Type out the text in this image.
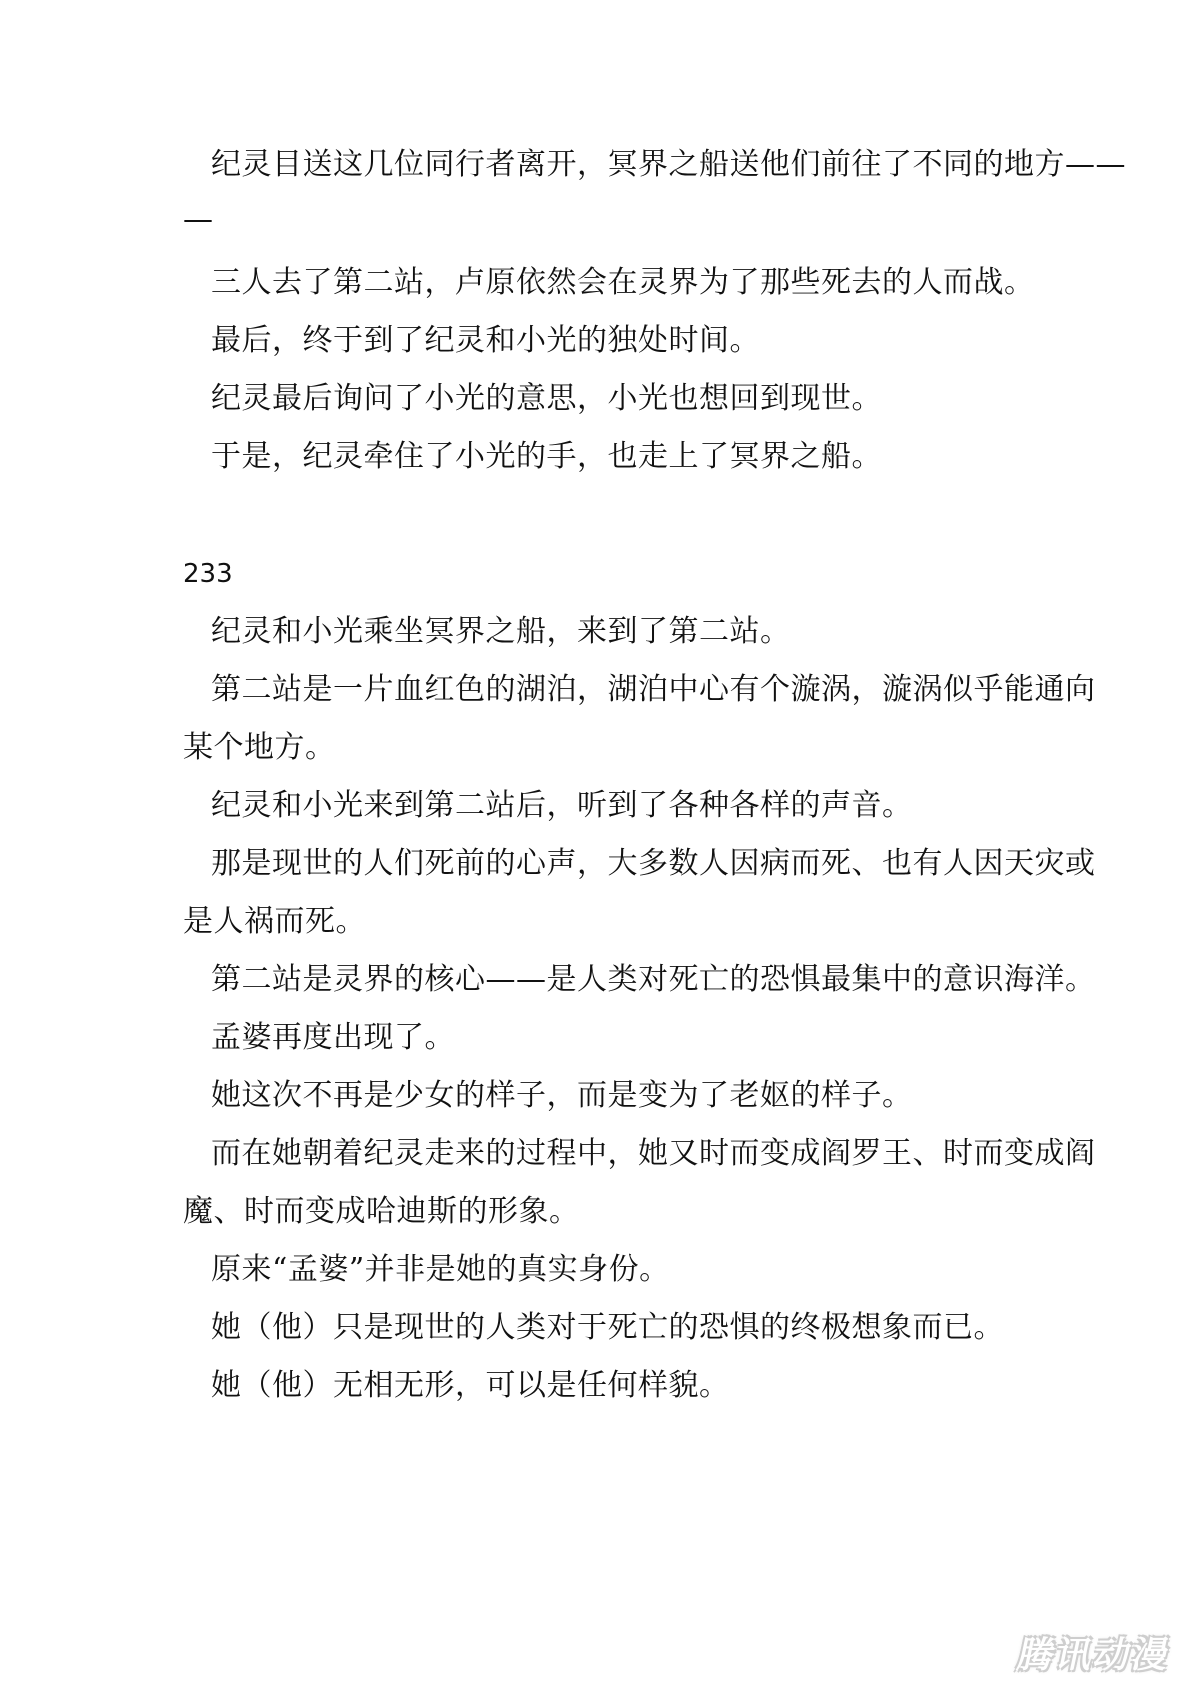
纪灵目送这几位同行者离开，冥界之船送他们前往了不同的地方——
—
三人去了第二站，卢原依然会在灵界为了那些死去的人而战。
最后，终于到了纪灵和小光的独处时间。
纪灵最后询问了小光的意思，小光也想回到现世。
于是，纪灵牵住了小光的手，也走上了冥界之船。
233
纪灵和小光乘坐冥界之船，来到了第二站。
第二站是一片血红色的湖泊，湖泊中心有个漩涡，漩涡似乎能通向
某个地方。
纪灵和小光来到第二站后，听到了各种各样的声音。
那是现世的人们死前的心声，大多数人因病而死、也有人因天灾或
是人祸而死。
第二站是灵界的核心——是人类对死亡的恐惧最集中的意识海洋。
孟婆再度出现了。
她这次不再是少女的样子，而是变为了老妪的样子。
而在她朝着纪灵走来的过程中，她又时而变成阎罗王、时而变成阎
魔、时而变成哈迪斯的形象。
原来“孟婆”并非是她的真实身份。
她（他）只是现世的人类对于死亡的恐惧的终极想象而已。
她（他）无相无形，可以是任何样貌。
腾讯动漫
